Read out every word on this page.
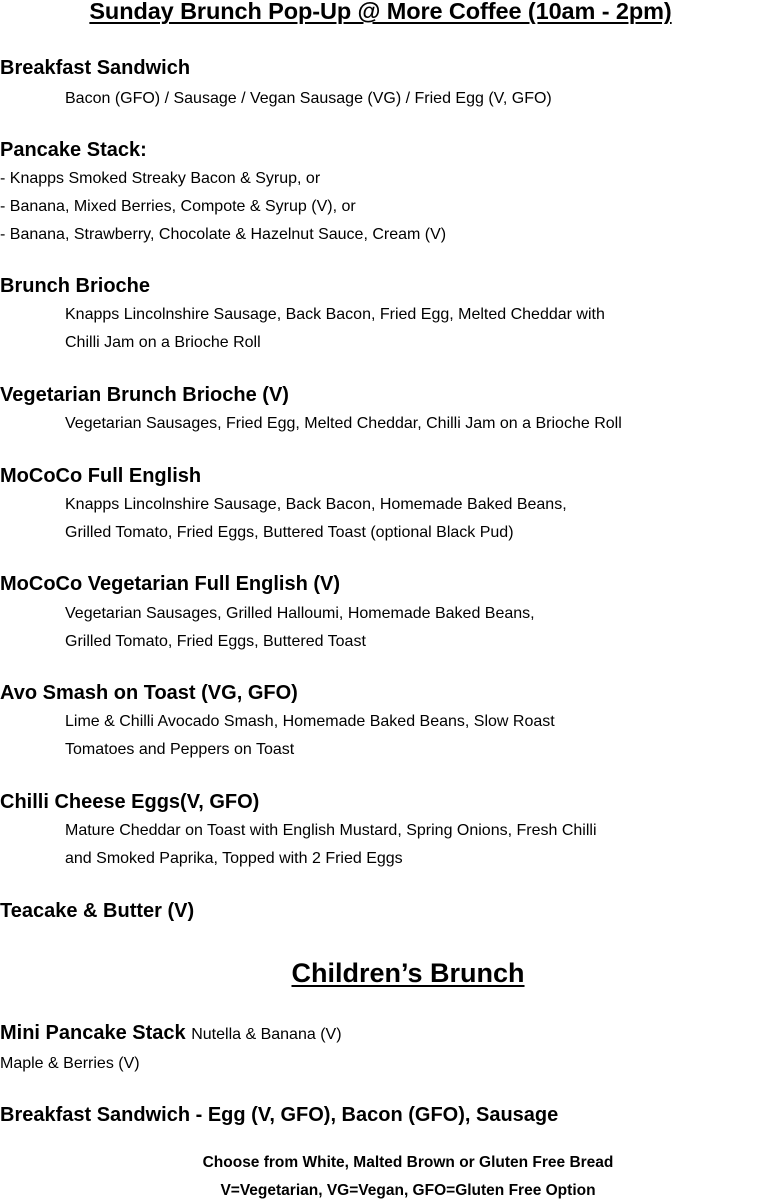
Sunday Brunch Pop-Up @ More Coffee (10am - 2pm)
Breakfast Sandwich
Bacon (GFO) / Sausage / Vegan Sausage (VG) / Fried Egg (V, GFO)
Pancake Stack:
- Knapps Smoked Streaky Bacon & Syrup, or
- Banana, Mixed Berries, Compote & Syrup (V), or
- Banana, Strawberry, Chocolate & Hazelnut Sauce, Cream (V)
Brunch Brioche
Knapps Lincolnshire Sausage, Back Bacon, Fried Egg, Melted Cheddar with
Chilli Jam on a Brioche Roll
Vegetarian Brunch Brioche (V)
Vegetarian Sausages, Fried Egg, Melted Cheddar, Chilli Jam on a Brioche Roll
MoCoCo Full English
Knapps Lincolnshire Sausage, Back Bacon, Homemade Baked Beans,
Grilled Tomato, Fried Eggs, Buttered Toast (optional Black Pud)
MoCoCo Vegetarian Full English (V)
Vegetarian Sausages, Grilled Halloumi, Homemade Baked Beans,
Grilled Tomato, Fried Eggs, Buttered Toast
Avo Smash on Toast (VG, GFO)
Lime & Chilli Avocado Smash, Homemade Baked Beans, Slow Roast
Tomatoes and Peppers on Toast
Chilli Cheese Eggs(V, GFO)
Mature Cheddar on Toast with English Mustard, Spring Onions, Fresh Chilli
and Smoked Paprika, Topped with 2 Fried Eggs
Teacake & Butter (V)
Children’s Brunch
Mini Pancake Stack Nutella & Banana (V)
Maple & Berries (V)
Breakfast Sandwich - Egg (V, GFO), Bacon (GFO), Sausage
Choose from White, Malted Brown or Gluten Free Bread
V=Vegetarian, VG=Vegan, GFO=Gluten Free Option
